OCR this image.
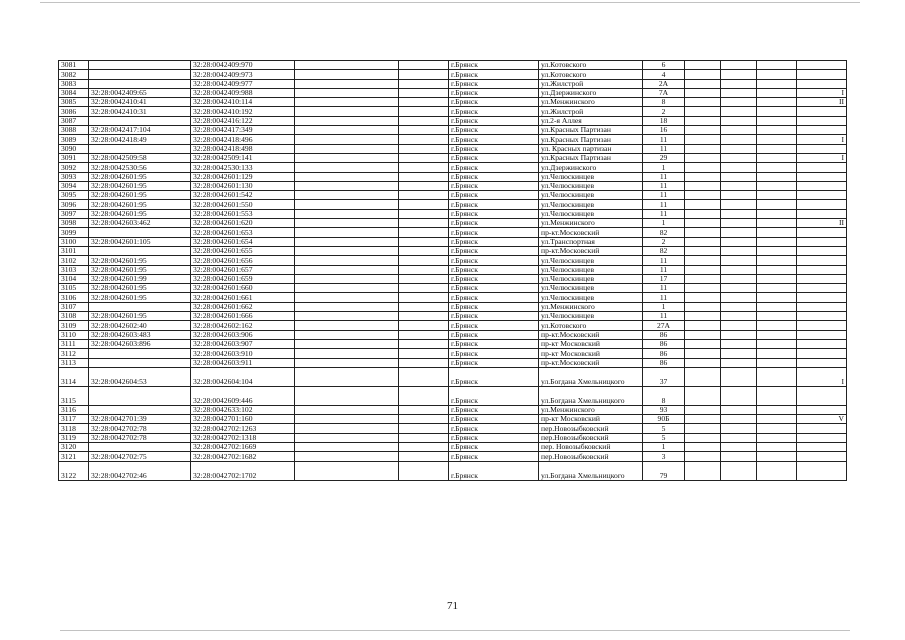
3081		32:28:0042409:970			г.Брянск	ул.Котовского	6				
3082		32:28:0042409:973			г.Брянск	ул.Котовского	4				
3083		32:28:0042409:977			г.Брянск	ул.Жилстрой	2А				
3084	32:28:0042409:65	32:28:0042409:988			г.Брянск	ул.Дзержинского	7А				I
3085	32:28:0042410:41	32:28:0042410:114			г.Брянск	ул.Менжинского	8				II
3086	32:28:0042410:31	32:28:0042410:192			г.Брянск	ул.Жилстрой	2				
3087		32:28:0042416:122			г.Брянск	ул.2-я Аллея	18				
3088	32:28:0042417:104	32:28:0042417:349			г.Брянск	ул.Красных Партизан	16				
3089	32:28:0042418:49	32:28:0042418:496			г.Брянск	ул.Красных Партизан	11				I
3090		32:28:0042418:498			г.Брянск	ул. Красных партизан	11				
3091	32:28:0042509:58	32:28:0042509:141			г.Брянск	ул.Красных Партизан	29				I
3092	32:28:0042530:56	32:28:0042530:133			г.Брянск	ул.Дзержинского	1				
3093	32:28:0042601:95	32:28:0042601:129			г.Брянск	ул.Челюскинцев	11				
3094	32:28:0042601:95	32:28:0042601:130			г.Брянск	ул.Челюскинцев	11				
3095	32:28:0042601:95	32:28:0042601:542			г.Брянск	ул.Челюскинцев	11				
3096	32:28:0042601:95	32:28:0042601:550			г.Брянск	ул.Челюскинцев	11				
3097	32:28:0042601:95	32:28:0042601:553			г.Брянск	ул.Челюскинцев	11				
3098	32:28:0042603:462	32:28:0042601:620			г.Брянск	ул.Менжинского	1				II
3099		32:28:0042601:653			г.Брянск	пр-кт.Московский	82				
3100	32:28:0042601:105	32:28:0042601:654			г.Брянск	ул.Транспортная	2				
3101		32:28:0042601:655			г.Брянск	пр-кт.Московский	82				
3102	32:28:0042601:95	32:28:0042601:656			г.Брянск	ул.Челюскинцев	11				
3103	32:28:0042601:95	32:28:0042601:657			г.Брянск	ул.Челюскинцев	11				
3104	32:28:0042601:99	32:28:0042601:659			г.Брянск	ул.Челюскинцев	17				
3105	32:28:0042601:95	32:28:0042601:660			г.Брянск	ул.Челюскинцев	11				
3106	32:28:0042601:95	32:28:0042601:661			г.Брянск	ул.Челюскинцев	11				
3107		32:28:0042601:662			г.Брянск	ул.Менжинского	1				
3108	32:28:0042601:95	32:28:0042601:666			г.Брянск	ул.Челюскинцев	11				
3109	32:28:0042602:40	32:28:0042602:162			г.Брянск	ул.Котовского	27А				
3110	32:28:0042603:483	32:28:0042603:906			г.Брянск	пр-кт.Московский	86				
3111	32:28:0042603:896	32:28:0042603:907			г.Брянск	пр-кт Московский	86				
3112		32:28:0042603:910			г.Брянск	пр-кт Московский	86				
3113		32:28:0042603:911			г.Брянск	пр-кт.Московский	86				
3114	32:28:0042604:53	32:28:0042604:104			г.Брянск	ул.Богдана Хмельницкого	37				I
3115		32:28:0042609:446			г.Брянск	ул.Богдана Хмельницкого	8				
3116		32:28:0042633:102			г.Брянск	ул.Менжинского	93				
3117	32:28:0042701:39	32:28:0042701:160			г.Брянск	пр-кт Московский	90Б				V
3118	32:28:0042702:78	32:28:0042702:1263			г.Брянск	пер.Новозыбковский	5				
3119	32:28:0042702:78	32:28:0042702:1318			г.Брянск	пер.Новозыбковский	5				
3120		32:28:0042702:1669			г.Брянск	пер. Новозыбковский	1				
3121	32:28:0042702:75	32:28:0042702:1682			г.Брянск	пер.Новозыбковский	3				
3122	32:28:0042702:46	32:28:0042702:1702			г.Брянск	ул.Богдана Хмельницкого	79				
71
